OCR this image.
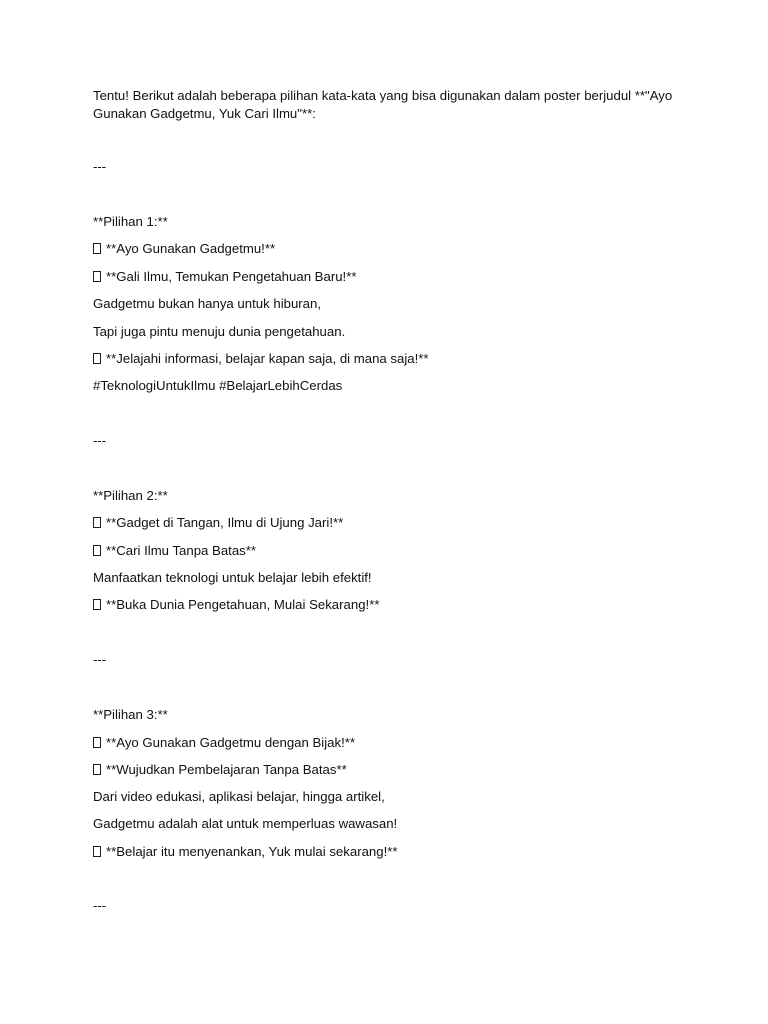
Tentu! Berikut adalah beberapa pilihan kata-kata yang bisa digunakan dalam poster berjudul **"Ayo Gunakan Gadgetmu, Yuk Cari Ilmu"**:
---
**Pilihan 1:**
**Ayo Gunakan Gadgetmu!**
**Gali Ilmu, Temukan Pengetahuan Baru!**
Gadgetmu bukan hanya untuk hiburan,
Tapi juga pintu menuju dunia pengetahuan.
**Jelajahi informasi, belajar kapan saja, di mana saja!**
#TeknologiUntukIlmu #BelajarLebihCerdas
---
**Pilihan 2:**
**Gadget di Tangan, Ilmu di Ujung Jari!**
**Cari Ilmu Tanpa Batas**
Manfaatkan teknologi untuk belajar lebih efektif!
**Buka Dunia Pengetahuan, Mulai Sekarang!**
---
**Pilihan 3:**
**Ayo Gunakan Gadgetmu dengan Bijak!**
**Wujudkan Pembelajaran Tanpa Batas**
Dari video edukasi, aplikasi belajar, hingga artikel,
Gadgetmu adalah alat untuk memperluas wawasan!
**Belajar itu menyenankan, Yuk mulai sekarang!**
---
